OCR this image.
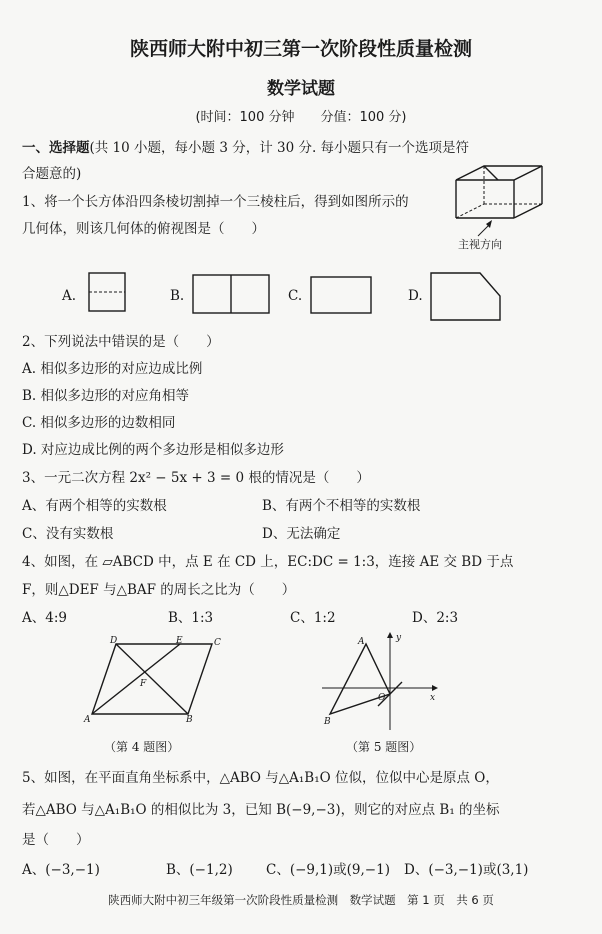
陕西师大附中初三第一次阶段性质量检测
数学试题
(时间：100 分钟　　分值：100 分)
一、选择题(共 10 小题，每小题 3 分，计 30 分. 每小题只有一个选项是符
合题意的)
1、将一个长方体沿四条棱切割掉一个三棱柱后，得到如图所示的
几何体，则该几何体的俯视图是（　　）
主视方向
A.	B.	C.	D.
2、下列说法中错误的是（　　）
A. 相似多边形的对应边成比例
B. 相似多边形的对应角相等
C. 相似多边形的边数相同
D. 对应边成比例的两个多边形是相似多边形
3、一元二次方程 2x² − 5x + 3 = 0 根的情况是（　　）
A、有两个相等的实数根	B、有两个不相等的实数根
C、没有实数根	D、无法确定
4、如图，在 ▱ABCD 中，点 E 在 CD 上，EC:DC = 1:3，连接 AE 交 BD 于点
F，则△DEF 与△BAF 的周长之比为（　　）
A、4:9	B、1:3	C、1:2	D、2:3
D	E	C
F
A	B
（第 4 题图）
A	y
O	x
B
（第 5 题图）
5、如图，在平面直角坐标系中，△ABO 与△A₁B₁O 位似，位似中心是原点 O，
若△ABO 与△A₁B₁O 的相似比为 3，已知 B(−9,−3)，则它的对应点 B₁ 的坐标
是（　　）
A、(−3,−1)	B、(−1,2) C、(−9,1)或(9,−1) D、(−3,−1)或(3,1)
陕西师大附中初三年级第一次阶段性质量检测　数学试题　第 1 页　共 6 页
